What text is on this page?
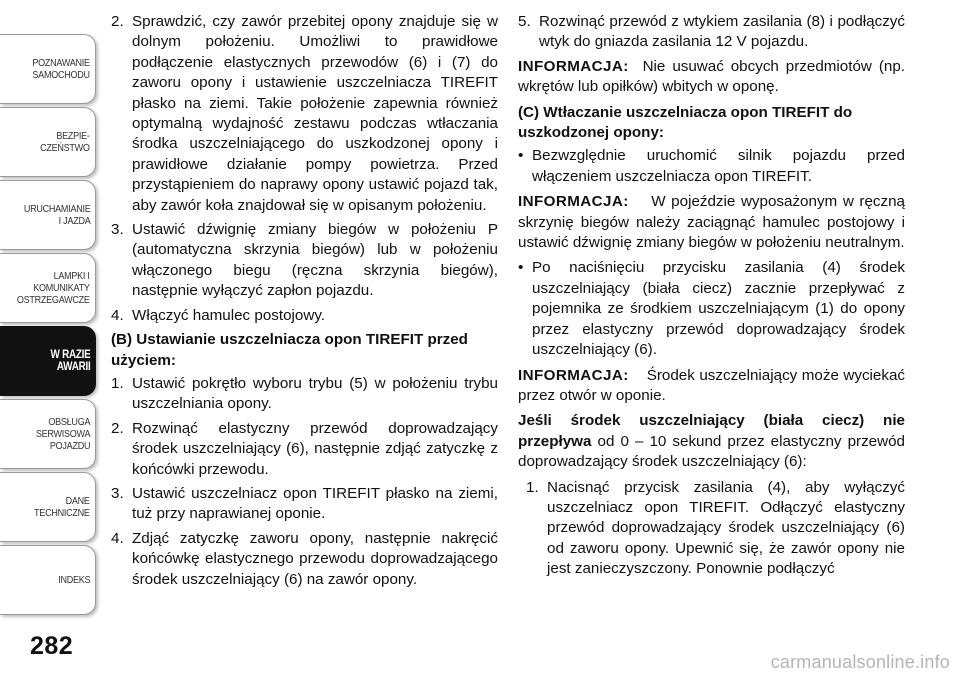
POZNAWANIE
SAMOCHODU
BEZPIE-
CZEŃSTWO
URUCHAMIANIE
I JAZDA
LAMPKI I
KOMUNIKATY
OSTRZEGAWCZE
W RAZIE
AWARII
OBSŁUGA
SERWISOWA
POJAZDU
DANE
TECHNICZNE
INDEKS
282
2. Sprawdzić, czy zawór przebitej opony znajduje się w dolnym położeniu. Umożliwi to prawidłowe podłączenie elastycznych przewodów (6) i (7) do zaworu opony i ustawienie uszczelniacza TIREFIT płasko na ziemi. Takie położenie zapewnia również optymalną wydajność zestawu podczas wtłaczania środka uszczelniającego do uszkodzonej opony i prawidłowe działanie pompy powietrza. Przed przystąpieniem do naprawy opony ustawić pojazd tak, aby zawór koła znajdował się w opisanym położeniu.
3. Ustawić dźwignię zmiany biegów w położeniu P (automatyczna skrzynia biegów) lub w położeniu włączonego biegu (ręczna skrzynia biegów), następnie wyłączyć zapłon pojazdu.
4. Włączyć hamulec postojowy.
(B) Ustawianie uszczelniacza opon TIREFIT przed użyciem:
1. Ustawić pokrętło wyboru trybu (5) w położeniu trybu uszczelniania opony.
2. Rozwinąć elastyczny przewód doprowadzający środek uszczelniający (6), następnie zdjąć zatyczkę z końcówki przewodu.
3. Ustawić uszczelniacz opon TIREFIT płasko na ziemi, tuż przy naprawianej oponie.
4. Zdjąć zatyczkę zaworu opony, następnie nakręcić końcówkę elastycznego przewodu doprowadzającego środek uszczelniający (6) na zawór opony.
5. Rozwinąć przewód z wtykiem zasilania (8) i podłączyć wtyk do gniazda zasilania 12 V pojazdu.
INFORMACJA: Nie usuwać obcych przedmiotów (np. wkrętów lub opiłków) wbitych w oponę.
(C) Wtłaczanie uszczelniacza opon TIREFIT do uszkodzonej opony:
• Bezwzględnie uruchomić silnik pojazdu przed włączeniem uszczelniacza opon TIREFIT.
INFORMACJA: W pojeździe wyposażonym w ręczną skrzynię biegów należy zaciągnąć hamulec postojowy i ustawić dźwignię zmiany biegów w położeniu neutralnym.
• Po naciśnięciu przycisku zasilania (4) środek uszczelniający (biała ciecz) zacznie przepływać z pojemnika ze środkiem uszczelniającym (1) do opony przez elastyczny przewód doprowadzający środek uszczelniający (6).
INFORMACJA: Środek uszczelniający może wyciekać przez otwór w oponie.
Jeśli środek uszczelniający (biała ciecz) nie przepływa od 0 – 10 sekund przez elastyczny przewód doprowadzający środek uszczelniający (6):
1. Nacisnąć przycisk zasilania (4), aby wyłączyć uszczelniacz opon TIREFIT. Odłączyć elastyczny przewód doprowadzający środek uszczelniający (6) od zaworu opony. Upewnić się, że zawór opony nie jest zanieczyszczony. Ponownie podłączyć
carmanualsonline.info
